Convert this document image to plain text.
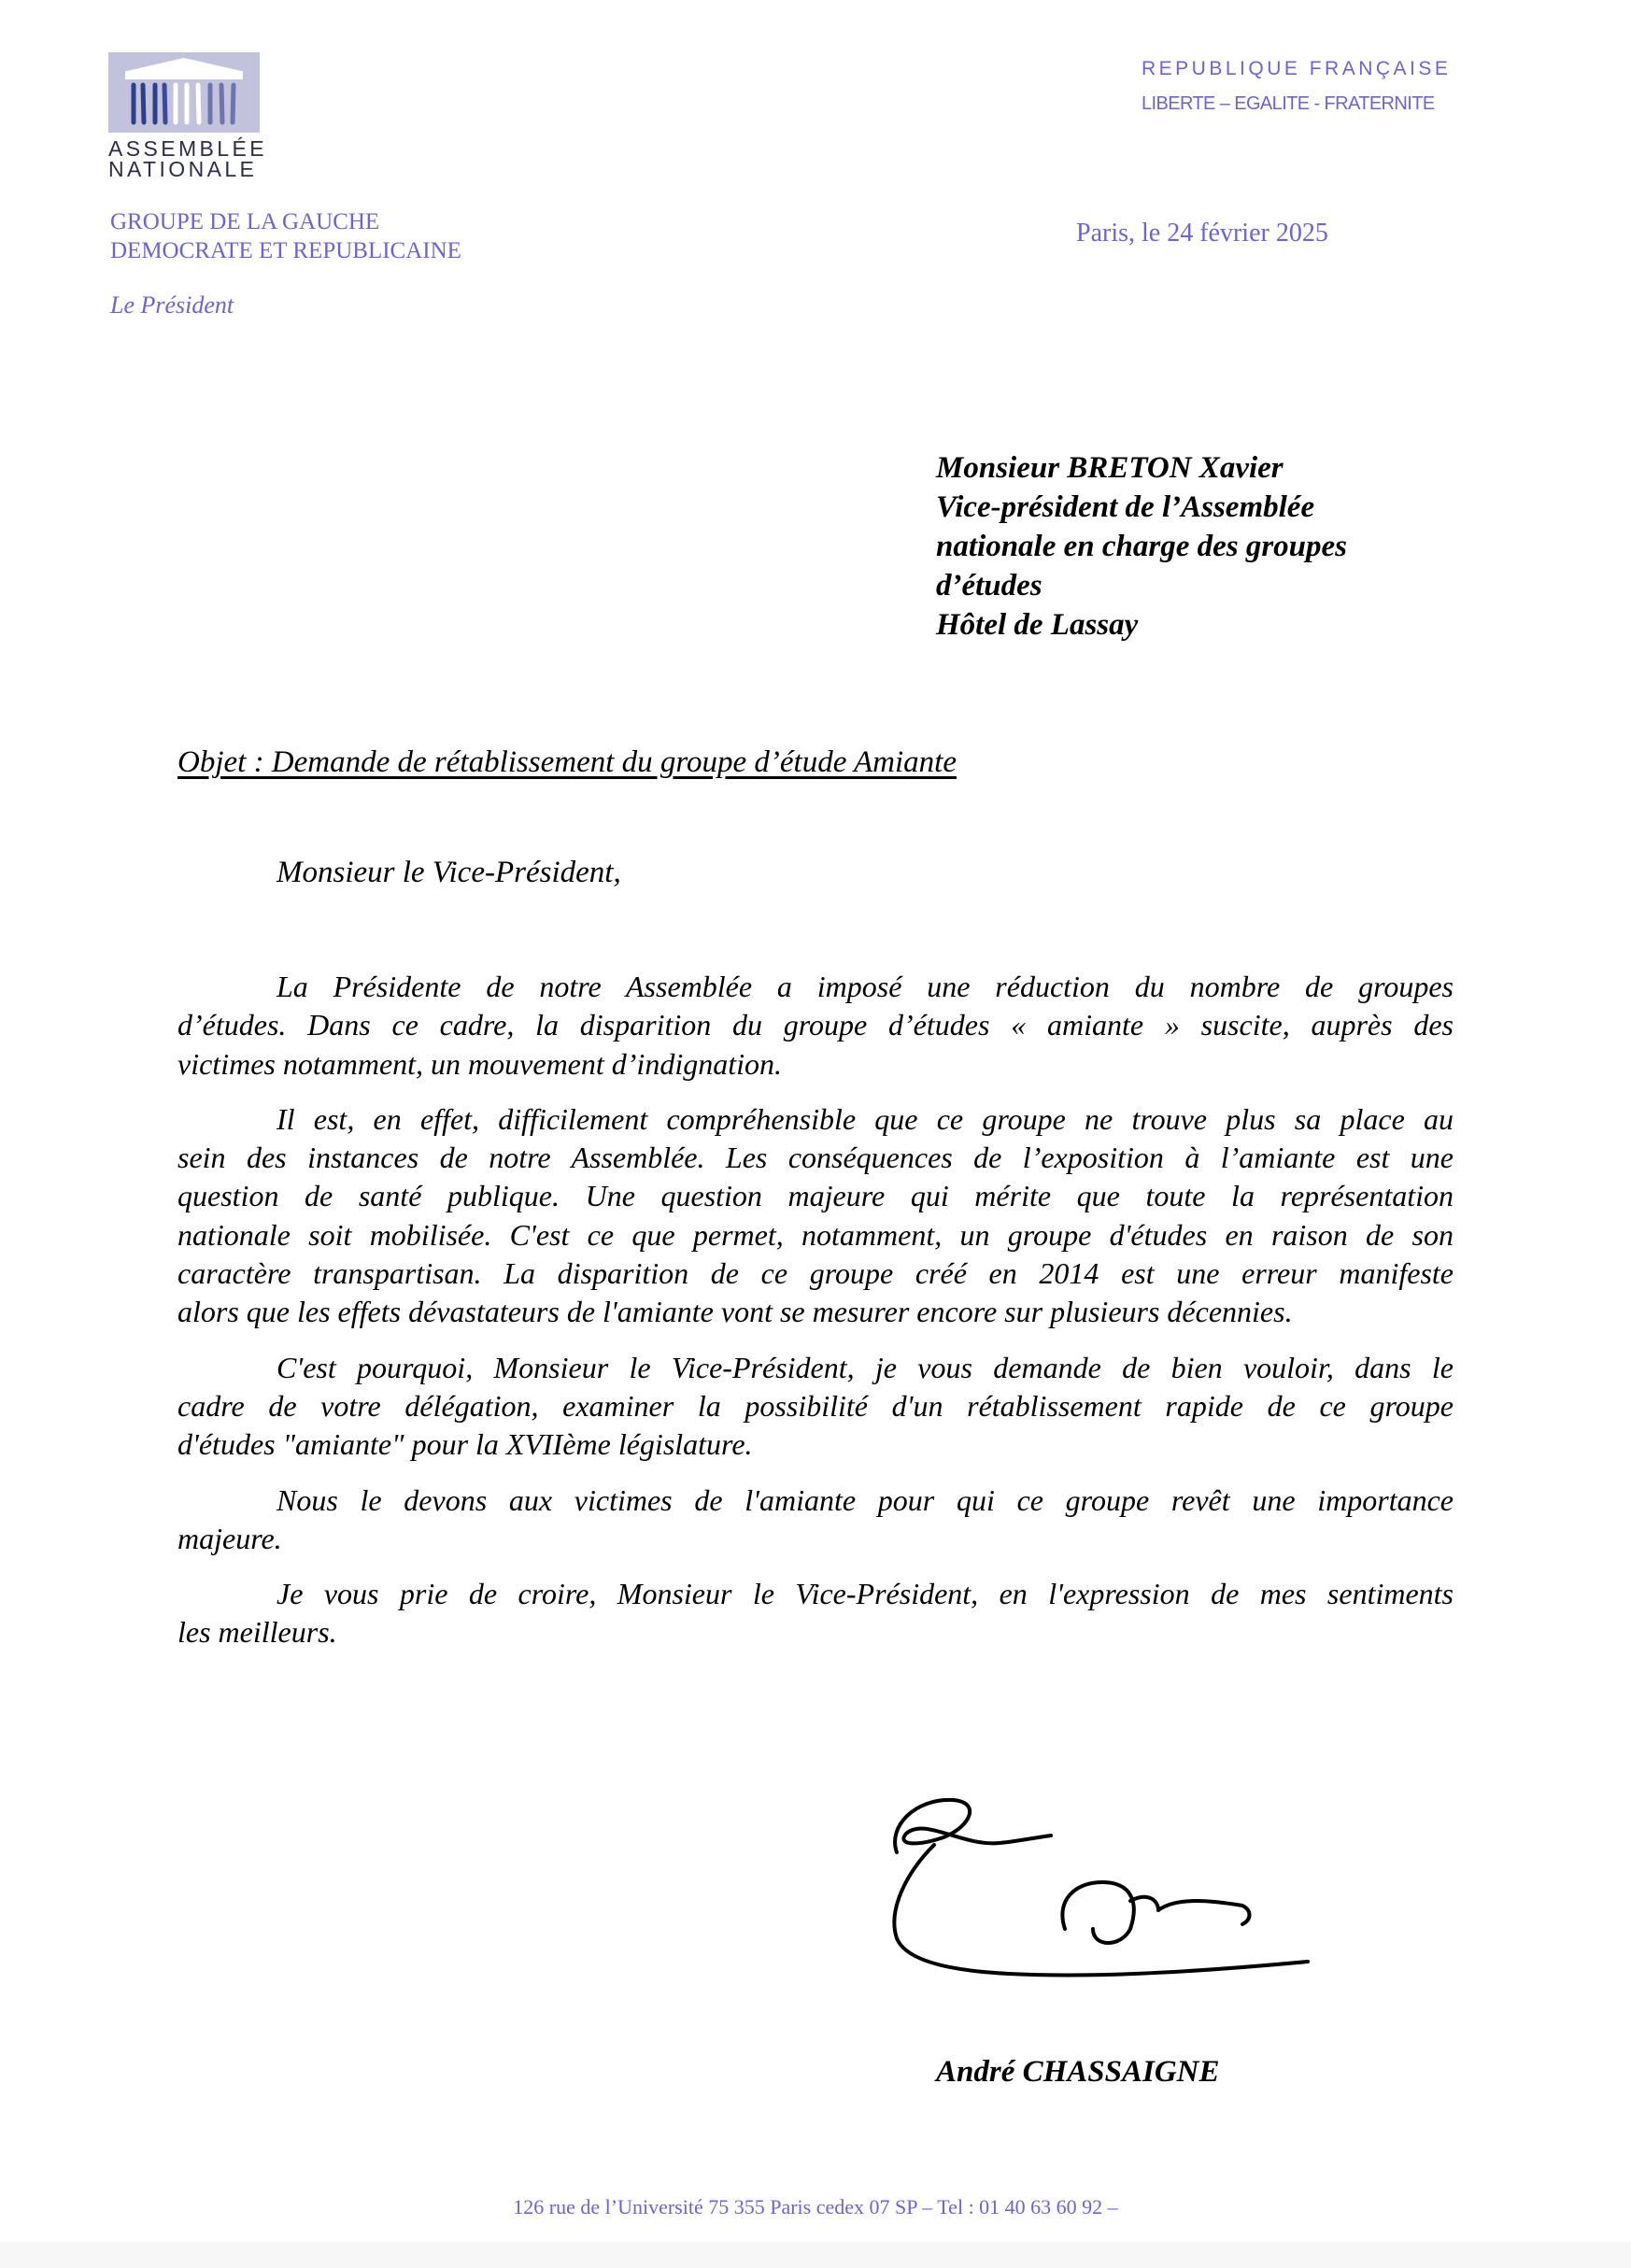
ASSEMBLÉE
NATIONALE
GROUPE DE LA GAUCHE
DEMOCRATE ET REPUBLICAINE
Le Président
REPUBLIQUE FRANÇAISE
LIBERTE – EGALITE - FRATERNITE
Paris, le 24 février 2025
Monsieur BRETON Xavier
Vice-président de l’Assemblée
nationale en charge des groupes
d’études
Hôtel de Lassay
Objet : Demande de rétablissement du groupe d’étude Amiante
Monsieur le Vice-Président,
La Présidente de notre Assemblée a imposé une réduction du nombre de groupes
d’études. Dans ce cadre, la disparition du groupe d’études « amiante » suscite, auprès des
victimes notamment, un mouvement d’indignation.
Il est, en effet, difficilement compréhensible que ce groupe ne trouve plus sa place au
sein des instances de notre Assemblée. Les conséquences de l’exposition à l’amiante est une
question de santé publique. Une question majeure qui mérite que toute la représentation
nationale soit mobilisée. C'est ce que permet, notamment, un groupe d'études en raison de son
caractère transpartisan. La disparition de ce groupe créé en 2014 est une erreur manifeste
alors que les effets dévastateurs de l'amiante vont se mesurer encore sur plusieurs décennies.
C'est pourquoi, Monsieur le Vice-Président, je vous demande de bien vouloir, dans le
cadre de votre délégation, examiner la possibilité d'un rétablissement rapide de ce groupe
d'études "amiante" pour la XVIIème législature.
Nous le devons aux victimes de l'amiante pour qui ce groupe revêt une importance
majeure.
Je vous prie de croire, Monsieur le Vice-Président, en l'expression de mes sentiments
les meilleurs.
André CHASSAIGNE
126 rue de l’Université 75 355 Paris cedex 07 SP – Tel : 01 40 63 60 92 –
